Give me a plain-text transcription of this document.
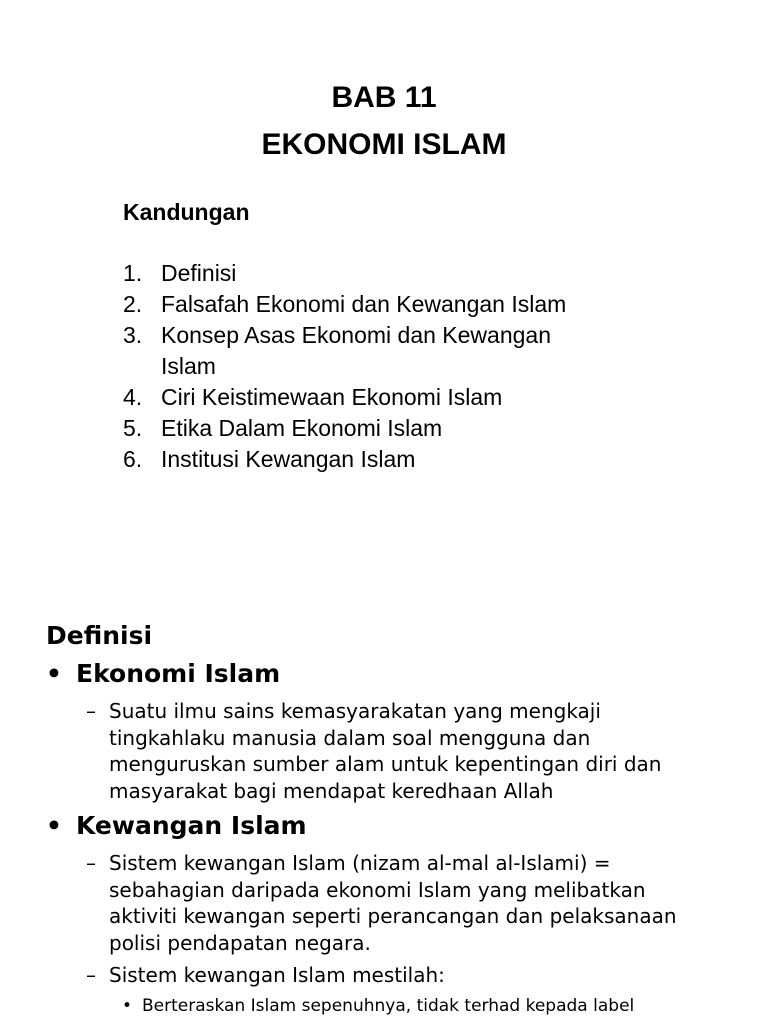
BAB 11
EKONOMI ISLAM
Kandungan
1. Definisi
2. Falsafah Ekonomi dan Kewangan Islam
3. Konsep Asas Ekonomi dan Kewangan Islam
4. Ciri Keistimewaan Ekonomi Islam
5. Etika Dalam Ekonomi Islam
6. Institusi Kewangan Islam
Definisi
• Ekonomi Islam
– Suatu ilmu sains kemasyarakatan yang mengkaji tingkahlaku manusia dalam soal mengguna dan menguruskan sumber alam untuk kepentingan diri dan masyarakat bagi mendapat keredhaan Allah
• Kewangan Islam
– Sistem kewangan Islam (nizam al-mal al-Islami) = sebahagian daripada ekonomi Islam yang melibatkan aktiviti kewangan seperti perancangan dan pelaksanaan polisi pendapatan negara.
– Sistem kewangan Islam mestilah:
• Berteraskan Islam sepenuhnya, tidak terhad kepada label
